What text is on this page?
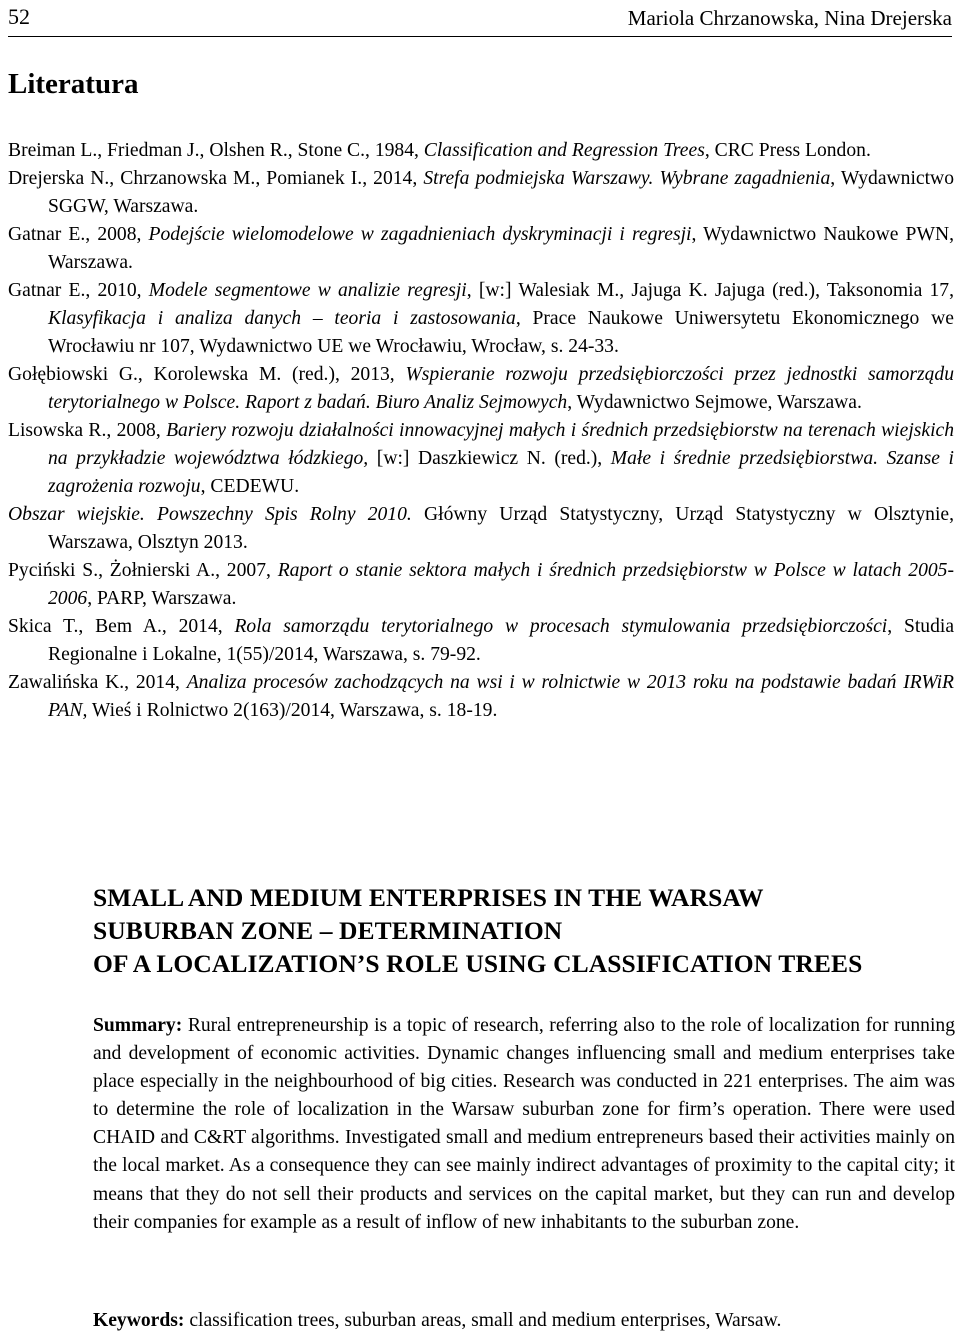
52	Mariola Chrzanowska, Nina Drejerska
Literatura

Breiman L., Friedman J., Olshen R., Stone C., 1984, Classification and Regression Trees, CRC Press London.

Drejerska N., Chrzanowska M., Pomianek I., 2014, Strefa podmiejska Warszawy. Wybrane zagadnienia, Wydawnictwo SGGW, Warszawa.

Gatnar E., 2008, Podejście wielomodelowe w zagadnieniach dyskryminacji i regresji, Wydawnictwo Naukowe PWN, Warszawa.

Gatnar E., 2010, Modele segmentowe w analizie regresji, [w:] Walesiak M., Jajuga K. Jajuga (red.), Taksonomia 17, Klasyfikacja i analiza danych – teoria i zastosowania, Prace Naukowe Uniwersytetu Ekonomicznego we Wrocławiu nr 107, Wydawnictwo UE we Wrocławiu, Wrocław, s. 24-33.

Gołębiowski G., Korolewska M. (red.), 2013, Wspieranie rozwoju przedsiębiorczości przez jednostki samorządu terytorialnego w Polsce. Raport z badań. Biuro Analiz Sejmowych, Wydawnictwo Sejmowe, Warszawa.

Lisowska R., 2008, Bariery rozwoju działalności innowacyjnej małych i średnich przedsiębiorstw na terenach wiejskich na przykładzie województwa łódzkiego, [w:] Daszkiewicz N. (red.), Małe i średnie przedsiębiorstwa. Szanse i zagrożenia rozwoju, CEDEWU.

Obszar wiejskie. Powszechny Spis Rolny 2010. Główny Urząd Statystyczny, Urząd Statystyczny w Olsztynie, Warszawa, Olsztyn 2013.

Pyciński S., Żołnierski A., 2007, Raport o stanie sektora małych i średnich przedsiębiorstw w Polsce w latach 2005-2006, PARP, Warszawa.

Skica T., Bem A., 2014, Rola samorządu terytorialnego w procesach stymulowania przedsiębiorczości, Studia Regionalne i Lokalne, 1(55)/2014, Warszawa, s. 79-92.

Zawalińska K., 2014, Analiza procesów zachodzących na wsi i w rolnictwie w 2013 roku na podstawie badań IRWiR PAN, Wieś i Rolnictwo 2(163)/2014, Warszawa, s. 18-19.

SMALL AND MEDIUM ENTERPRISES IN THE WARSAW
SUBURBAN ZONE – DETERMINATION
OF A LOCALIZATION’S ROLE USING CLASSIFICATION TREES

Summary: Rural entrepreneurship is a topic of research, referring also to the role of localization for running and development of economic activities. Dynamic changes influencing small and medium enterprises take place especially in the neighbourhood of big cities. Research was conducted in 221 enterprises. The aim was to determine the role of localization in the Warsaw suburban zone for firm’s operation. There were used CHAID and C&RT algorithms. Investigated small and medium entrepreneurs based their activities mainly on the local market. As a consequence they can see mainly indirect advantages of proximity to the capital city; it means that they do not sell their products and services on the capital market, but they can run and develop their companies for example as a result of inflow of new inhabitants to the suburban zone.

Keywords: classification trees, suburban areas, small and medium enterprises, Warsaw.
